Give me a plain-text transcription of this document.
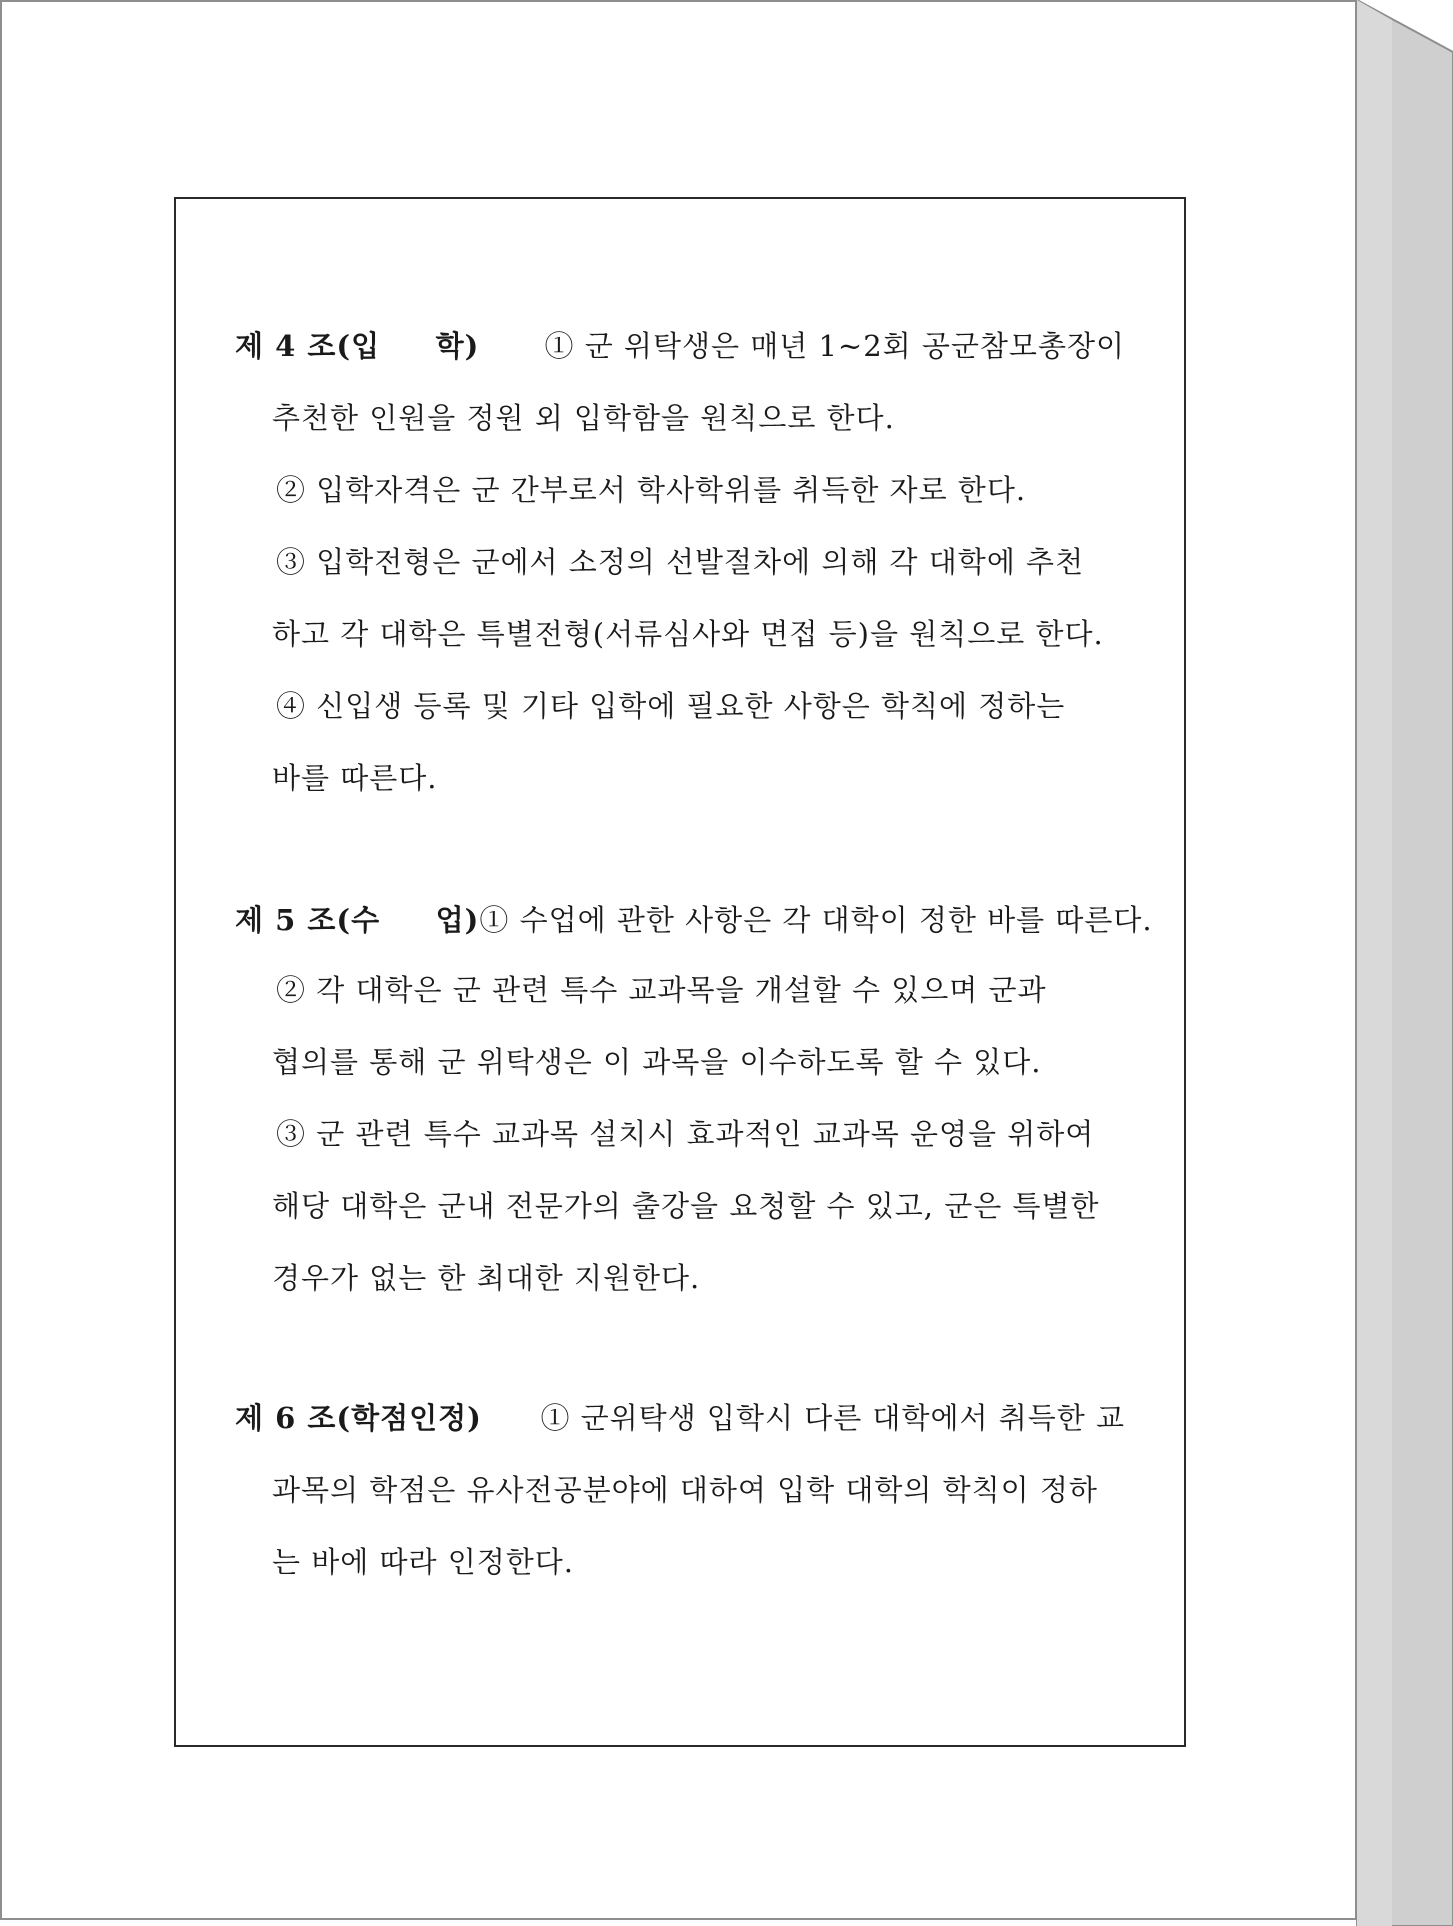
제 4 조(입     학) ① 군 위탁생은 매년 1~2회 공군참모총장이
추천한 인원을 정원 외 입학함을 원칙으로 한다.
② 입학자격은 군 간부로서 학사학위를 취득한 자로 한다.
③ 입학전형은 군에서 소정의 선발절차에 의해 각 대학에 추천
하고 각 대학은 특별전형(서류심사와 면접 등)을 원칙으로 한다.
④ 신입생 등록 및 기타 입학에 필요한 사항은 학칙에 정하는
바를 따른다.
제 5 조(수     업) ① 수업에 관한 사항은 각 대학이 정한 바를 따른다.
② 각 대학은 군 관련 특수 교과목을 개설할 수 있으며 군과
협의를 통해 군 위탁생은 이 과목을 이수하도록 할 수 있다.
③ 군 관련 특수 교과목 설치시 효과적인 교과목 운영을 위하여
해당 대학은 군내 전문가의 출강을 요청할 수 있고, 군은 특별한
경우가 없는 한 최대한 지원한다.
제 6 조(학점인정) ① 군위탁생 입학시 다른 대학에서 취득한 교
과목의 학점은 유사전공분야에 대하여 입학 대학의 학칙이 정하
는 바에 따라 인정한다.
